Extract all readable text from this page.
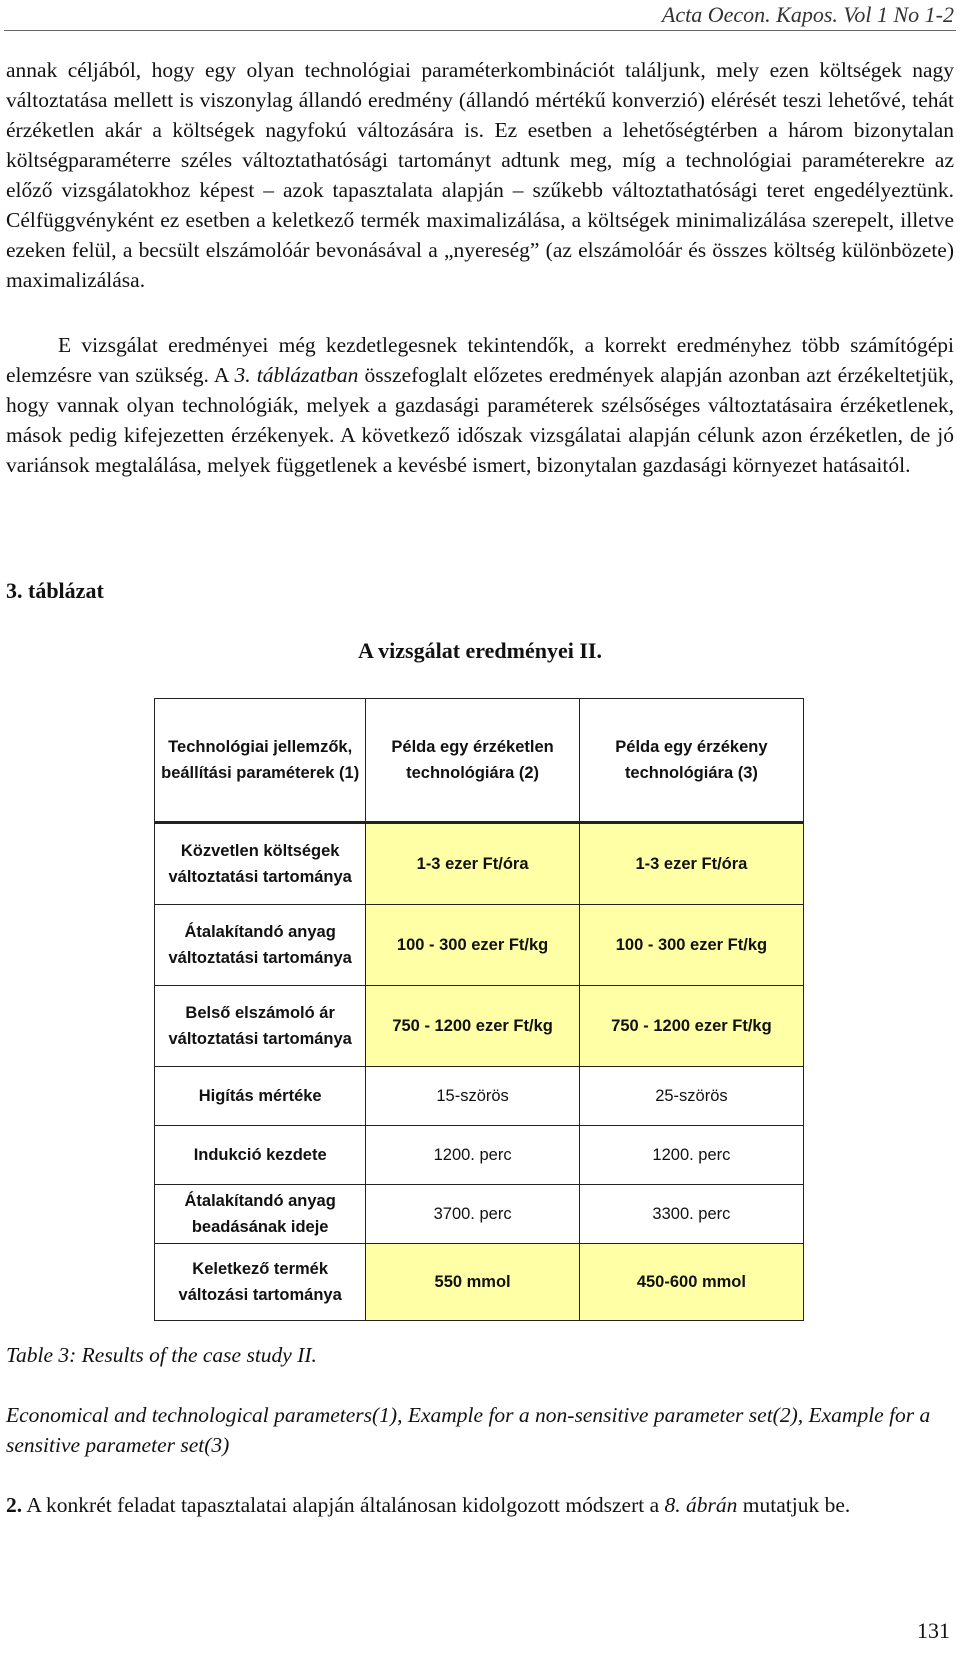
Acta Oecon. Kapos. Vol 1 No 1-2

annak céljából, hogy egy olyan technológiai paraméterkombinációt találjunk, mely ezen költségek nagy változtatása mellett is viszonylag állandó eredmény (állandó mértékű konverzió) elérését teszi lehetővé, tehát érzéketlen akár a költségek nagyfokú változására is. Ez esetben a lehetőségtérben a három bizonytalan költségparaméterre széles változtathatósági tartományt adtunk meg, míg a technológiai paraméterekre az előző vizsgálatokhoz képest – azok tapasztalata alapján – szűkebb változtathatósági teret engedélyeztünk. Célfüggvényként ez esetben a keletkező termék maximalizálása, a költségek minimalizálása szerepelt, illetve ezeken felül, a becsült elszámolóár bevonásával a „nyereség” (az elszámolóár és összes költség különbözete) maximalizálása.

E vizsgálat eredményei még kezdetlegesnek tekintendők, a korrekt eredményhez több számítógépi elemzésre van szükség. A 3. táblázatban összefoglalt előzetes eredmények alapján azonban azt érzékeltetjük, hogy vannak olyan technológiák, melyek a gazdasági paraméterek szélsőséges változtatásaira érzéketlenek, mások pedig kifejezetten érzékenyek. A következő időszak vizsgálatai alapján célunk azon érzéketlen, de jó variánsok megtalálása, melyek függetlenek a kevésbé ismert, bizonytalan gazdasági környezet hatásaitól.

3. táblázat
A vizsgálat eredményei II.
Technológiai jellemzők, beállítási paraméterek (1)	Példa egy érzéketlen technológiára (2)	Példa egy érzékeny technológiára (3)
Közvetlen költségek változtatási tartománya	1-3 ezer Ft/óra	1-3 ezer Ft/óra
Átalakítandó anyag változtatási tartománya	100 - 300 ezer Ft/kg	100 - 300 ezer Ft/kg
Belső elszámoló ár változtatási tartománya	750 - 1200 ezer Ft/kg	750 - 1200 ezer Ft/kg
Higítás mértéke	15-szörös	25-szörös
Indukció kezdete	1200. perc	1200. perc
Átalakítandó anyag beadásának ideje	3700. perc	3300. perc
Keletkező termék változási tartománya	550 mmol	450-600 mmol

Table 3: Results of the case study II.

Economical and technological parameters(1), Example for a non-sensitive parameter set(2), Example for a sensitive parameter set(3)

2. A konkrét feladat tapasztalatai alapján általánosan kidolgozott módszert a 8. ábrán mutatjuk be.

131
